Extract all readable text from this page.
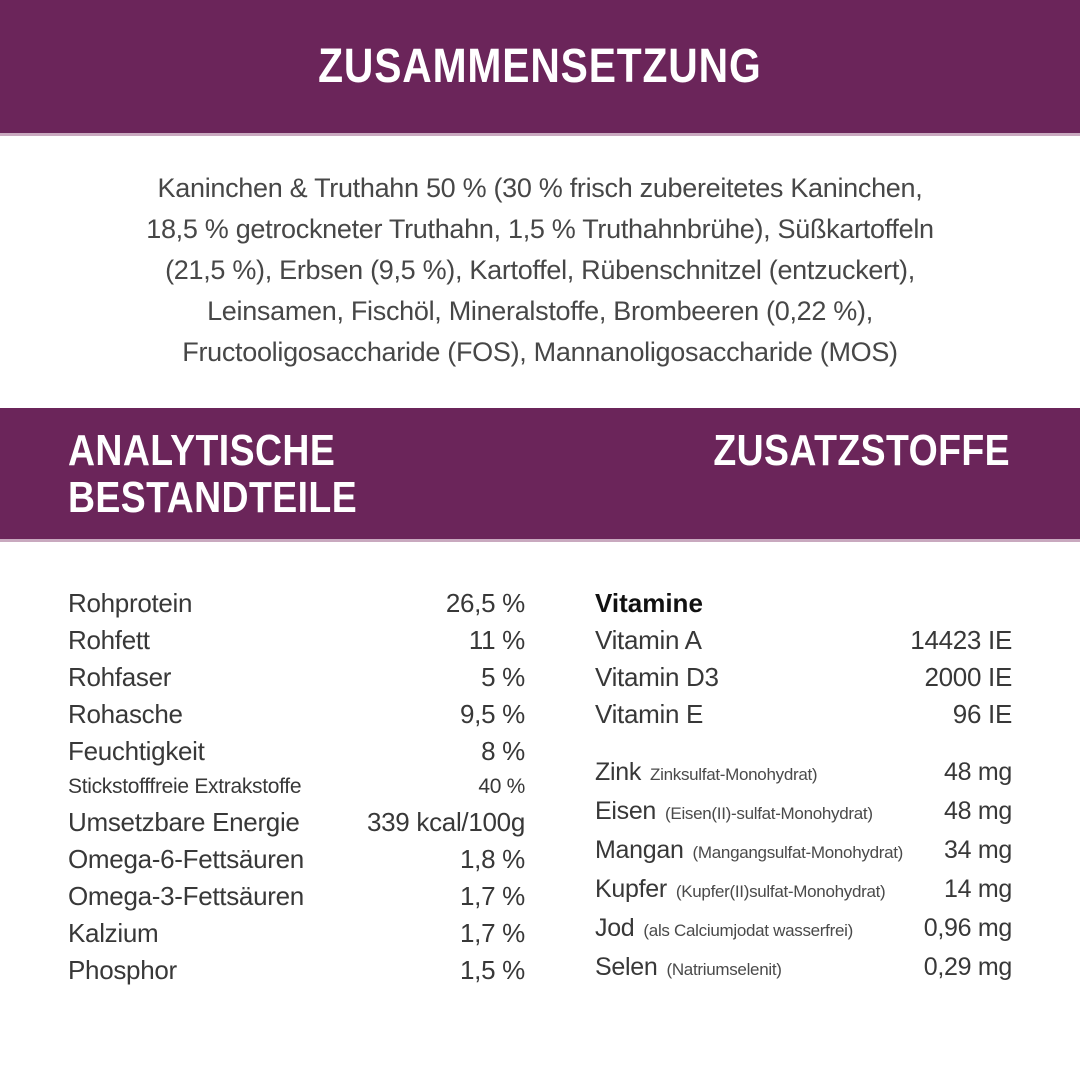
ZUSAMMENSETZUNG
Kaninchen & Truthahn 50 % (30 % frisch zubereitetes Kaninchen,
18,5 % getrockneter Truthahn, 1,5 % Truthahnbrühe), Süßkartoffeln
(21,5 %), Erbsen (9,5 %), Kartoffel, Rübenschnitzel (entzuckert),
Leinsamen, Fischöl, Mineralstoffe, Brombeeren (0,22 %),
Fructooligosaccharide (FOS), Mannanoligosaccharide (MOS)
ANALYTISCHE
BESTANDTEILE
ZUSATZSTOFFE
Rohprotein	26,5 %
Rohfett	11 %
Rohfaser	5 %
Rohasche	9,5 %
Feuchtigkeit	8 %
Stickstofffreie Extrakstoffe	40 %
Umsetzbare Energie	339 kcal/100g
Omega-6-Fettsäuren	1,8 %
Omega-3-Fettsäuren	1,7 %
Kalzium	1,7 %
Phosphor	1,5 %
Vitamine
Vitamin A	14423 IE
Vitamin D3	2000 IE
Vitamin E	96 IE
Zink Zinksulfat-Monohydrat)	48 mg
Eisen (Eisen(II)-sulfat-Monohydrat)	48 mg
Mangan (Mangangsulfat-Monohydrat) 34 mg
Kupfer (Kupfer(II)sulfat-Monohydrat) 14 mg
Jod (als Calciumjodat wasserfrei)	0,96 mg
Selen (Natriumselenit)	0,29 mg
